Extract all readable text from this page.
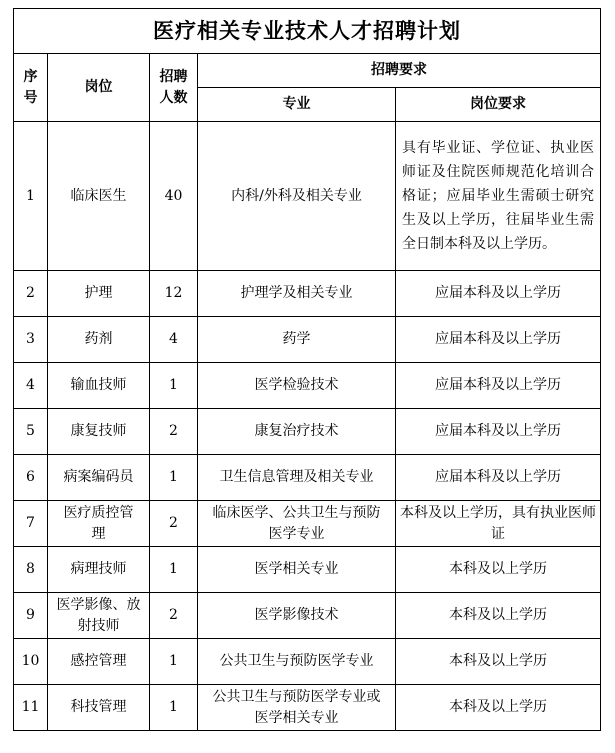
医疗相关专业技术人才招聘计划				
序号	岗位	招聘人数	招聘要求	
			专业	岗位要求
1	临床医生	40	内科/外科及相关专业	具有毕业证、学位证、执业医师证及住院医师规范化培训合格证；应届毕业生需硕士研究生及以上学历，往届毕业生需全日制本科及以上学历。
2	护理	12	护理学及相关专业	应届本科及以上学历
3	药剂	4	药学	应届本科及以上学历
4	输血技师	1	医学检验技术	应届本科及以上学历
5	康复技师	2	康复治疗技术	应届本科及以上学历
6	病案编码员	1	卫生信息管理及相关专业	应届本科及以上学历
7	医疗质控管理	2	临床医学、公共卫生与预防医学专业	本科及以上学历，具有执业医师证
8	病理技师	1	医学相关专业	本科及以上学历
9	医学影像、放射技师	2	医学影像技术	本科及以上学历
10	感控管理	1	公共卫生与预防医学专业	本科及以上学历
11	科技管理	1	公共卫生与预防医学专业或医学相关专业	本科及以上学历
